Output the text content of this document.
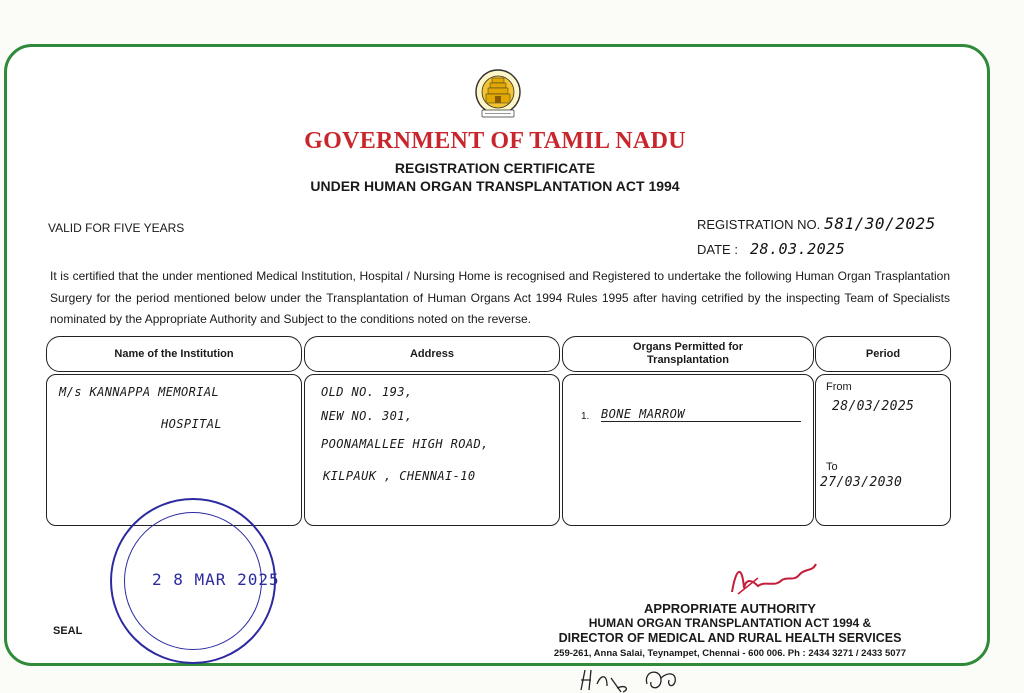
GOVERNMENT OF TAMIL NADU
REGISTRATION CERTIFICATE
UNDER HUMAN ORGAN TRANSPLANTATION ACT 1994
VALID FOR FIVE YEARS	REGISTRATION NO. 581/30/2025
DATE : 28.03.2025
It is certified that the under mentioned Medical Institution, Hospital / Nursing Home is recognised and Registered to undertake the following Human Organ Trasplantation Surgery for the period mentioned below under the Transplantation of Human Organs Act 1994 Rules 1995 after having cetrified by the inspecting Team of Specialists nominated by the Appropriate Authority and Subject to the conditions noted on the reverse.
Name of the Institution	Address
Organs Permitted for Transplantation
Period
M/s KANNAPPA MEMORIAL
HOSPITAL
OLD NO. 193,
NEW NO. 301,
POONAMALLEE HIGH ROAD,
KILPAUK , CHENNAI-10
1. BONE MARROW
From
28/03/2025
To
27/03/2030
2 8 MAR 2025
SEAL
APPROPRIATE AUTHORITY
HUMAN ORGAN TRANSPLANTATION ACT 1994 &
DIRECTOR OF MEDICAL AND RURAL HEALTH SERVICES
259-261, Anna Salai, Teynampet, Chennai - 600 006. Ph : 2434 3271 / 2433 5077
